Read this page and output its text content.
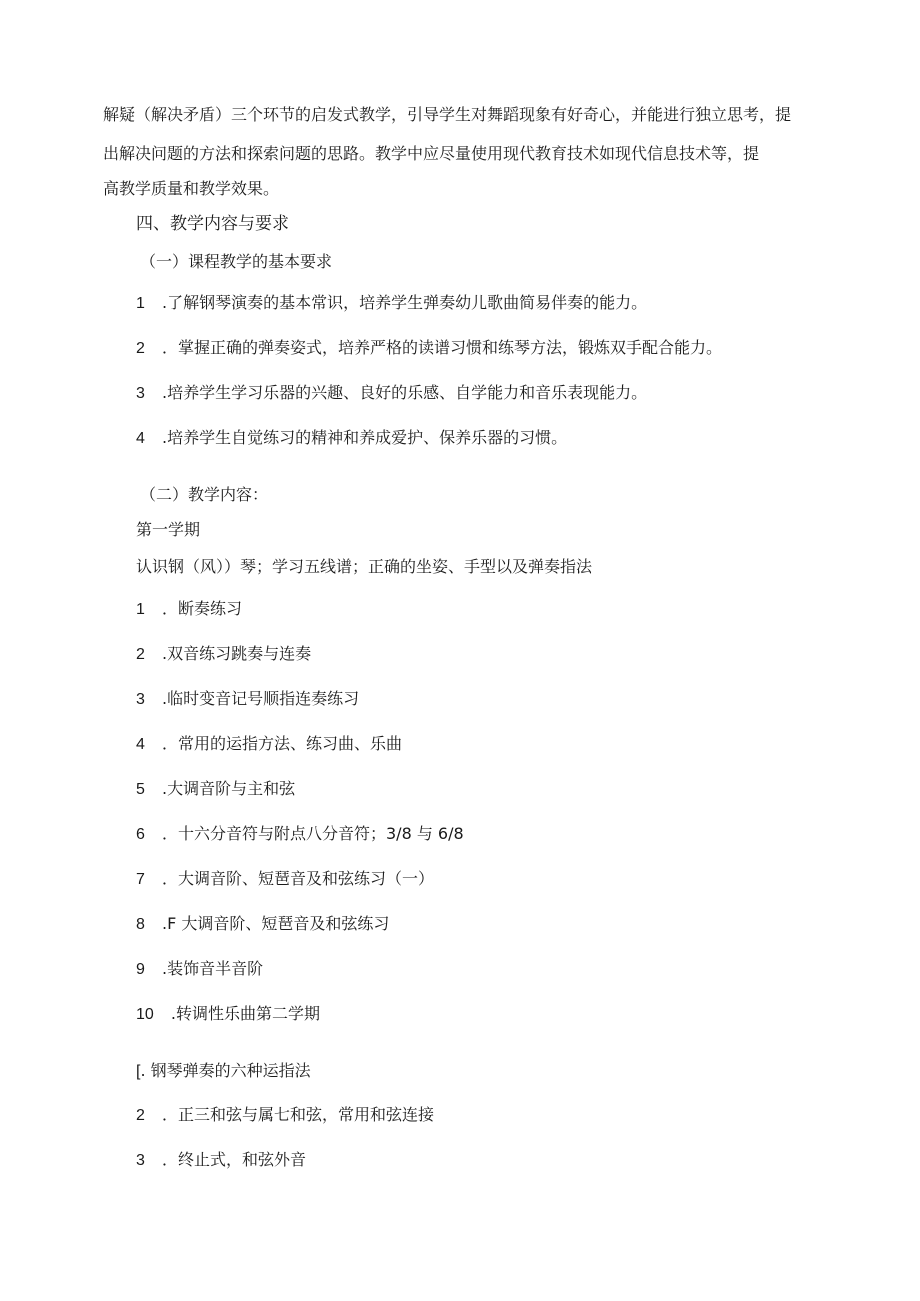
解疑（解决矛盾）三个环节的启发式教学，引导学生对舞蹈现象有好奇心，并能进行独立思考，提
出解决问题的方法和探索问题的思路。教学中应尽量使用现代教育技术如现代信息技术等，提
高教学质量和教学效果。
四、教学内容与要求
（一）课程教学的基本要求
1 .了解钢琴演奏的基本常识，培养学生弹奏幼儿歌曲简易伴奏的能力。
2 ．掌握正确的弹奏姿式，培养严格的读谱习惯和练琴方法，锻炼双手配合能力。
3 .培养学生学习乐器的兴趣、良好的乐感、自学能力和音乐表现能力。
4 .培养学生自觉练习的精神和养成爱护、保养乐器的习惯。
（二）教学内容：
第一学期
认识钢（风））琴；学习五线谱；正确的坐姿、手型以及弹奏指法
1 ．断奏练习
2 .双音练习跳奏与连奏
3 .临时变音记号顺指连奏练习
4 ．常用的运指方法、练习曲、乐曲
5 .大调音阶与主和弦
6 ．十六分音符与附点八分音符；3/8 与 6/8
7 ．大调音阶、短琶音及和弦练习（一）
8 .F 大调音阶、短琶音及和弦练习
9 .装饰音半音阶
10 .转调性乐曲第二学期
[. 钢琴弹奏的六种运指法
2 ．正三和弦与属七和弦，常用和弦连接
3 ．终止式，和弦外音
